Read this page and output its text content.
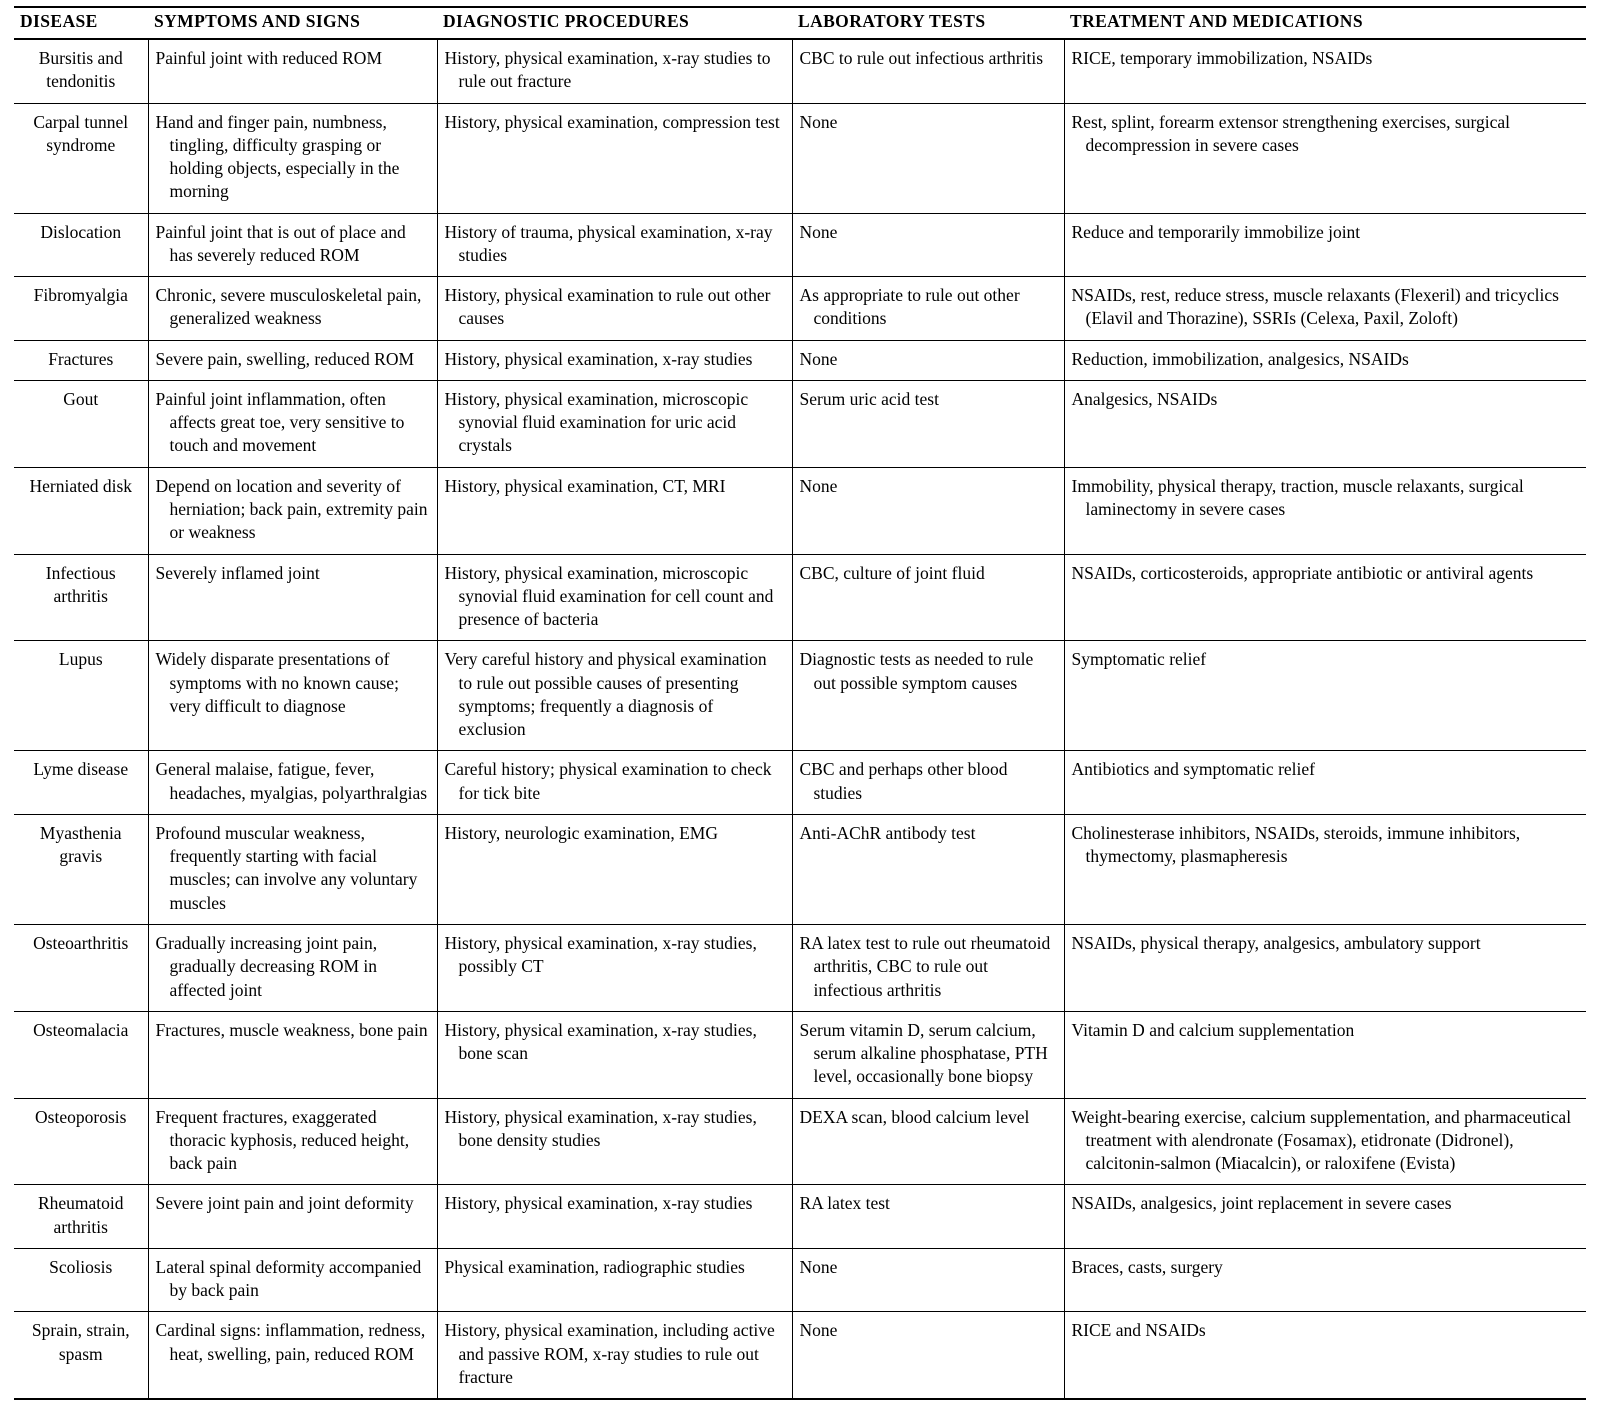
DISEASE	SYMPTOMS AND SIGNS	DIAGNOSTIC PROCEDURES	LABORATORY TESTS	TREATMENT AND MEDICATIONS
Bursitis and tendonitis	Painful joint with reduced ROM	History, physical examination, x-ray studies to rule out fracture	CBC to rule out infectious arthritis	RICE, temporary immobilization, NSAIDs
Carpal tunnel syndrome	Hand and finger pain, numbness, tingling, difficulty grasping or holding objects, especially in the morning	History, physical examination, compression test	None	Rest, splint, forearm extensor strengthening exercises, surgical decompression in severe cases
Dislocation	Painful joint that is out of place and has severely reduced ROM	History of trauma, physical examination, x-ray studies	None	Reduce and temporarily immobilize joint
Fibromyalgia	Chronic, severe musculoskeletal pain, generalized weakness	History, physical examination to rule out other causes	As appropriate to rule out other conditions	NSAIDs, rest, reduce stress, muscle relaxants (Flexeril) and tricyclics (Elavil and Thorazine), SSRIs (Celexa, Paxil, Zoloft)
Fractures	Severe pain, swelling, reduced ROM	History, physical examination, x-ray studies	None	Reduction, immobilization, analgesics, NSAIDs
Gout	Painful joint inflammation, often affects great toe, very sensitive to touch and movement	History, physical examination, microscopic synovial fluid examination for uric acid crystals	Serum uric acid test	Analgesics, NSAIDs
Herniated disk	Depend on location and severity of herniation; back pain, extremity pain or weakness	History, physical examination, CT, MRI	None	Immobility, physical therapy, traction, muscle relaxants, surgical laminectomy in severe cases
Infectious arthritis	Severely inflamed joint	History, physical examination, microscopic synovial fluid examination for cell count and presence of bacteria	CBC, culture of joint fluid	NSAIDs, corticosteroids, appropriate antibiotic or antiviral agents
Lupus	Widely disparate presentations of symptoms with no known cause; very difficult to diagnose	Very careful history and physical examination to rule out possible causes of presenting symptoms; frequently a diagnosis of exclusion	Diagnostic tests as needed to rule out possible symptom causes	Symptomatic relief
Lyme disease	General malaise, fatigue, fever, headaches, myalgias, polyarthralgias	Careful history; physical examination to check for tick bite	CBC and perhaps other blood studies	Antibiotics and symptomatic relief
Myasthenia gravis	Profound muscular weakness, frequently starting with facial muscles; can involve any voluntary muscles	History, neurologic examination, EMG	Anti-AChR antibody test	Cholinesterase inhibitors, NSAIDs, steroids, immune inhibitors, thymectomy, plasmapheresis
Osteoarthritis	Gradually increasing joint pain, gradually decreasing ROM in affected joint	History, physical examination, x-ray studies, possibly CT	RA latex test to rule out rheumatoid arthritis, CBC to rule out infectious arthritis	NSAIDs, physical therapy, analgesics, ambulatory support
Osteomalacia	Fractures, muscle weakness, bone pain	History, physical examination, x-ray studies, bone scan	Serum vitamin D, serum calcium, serum alkaline phosphatase, PTH level, occasionally bone biopsy	Vitamin D and calcium supplementation
Osteoporosis	Frequent fractures, exaggerated thoracic kyphosis, reduced height, back pain	History, physical examination, x-ray studies, bone density studies	DEXA scan, blood calcium level	Weight-bearing exercise, calcium supplementation, and pharmaceutical treatment with alendronate (Fosamax), etidronate (Didronel), calcitonin-salmon (Miacalcin), or raloxifene (Evista)
Rheumatoid arthritis	Severe joint pain and joint deformity	History, physical examination, x-ray studies	RA latex test	NSAIDs, analgesics, joint replacement in severe cases
Scoliosis	Lateral spinal deformity accompanied by back pain	Physical examination, radiographic studies	None	Braces, casts, surgery
Sprain, strain, spasm	Cardinal signs: inflammation, redness, heat, swelling, pain, reduced ROM	History, physical examination, including active and passive ROM, x-ray studies to rule out fracture	None	RICE and NSAIDs
